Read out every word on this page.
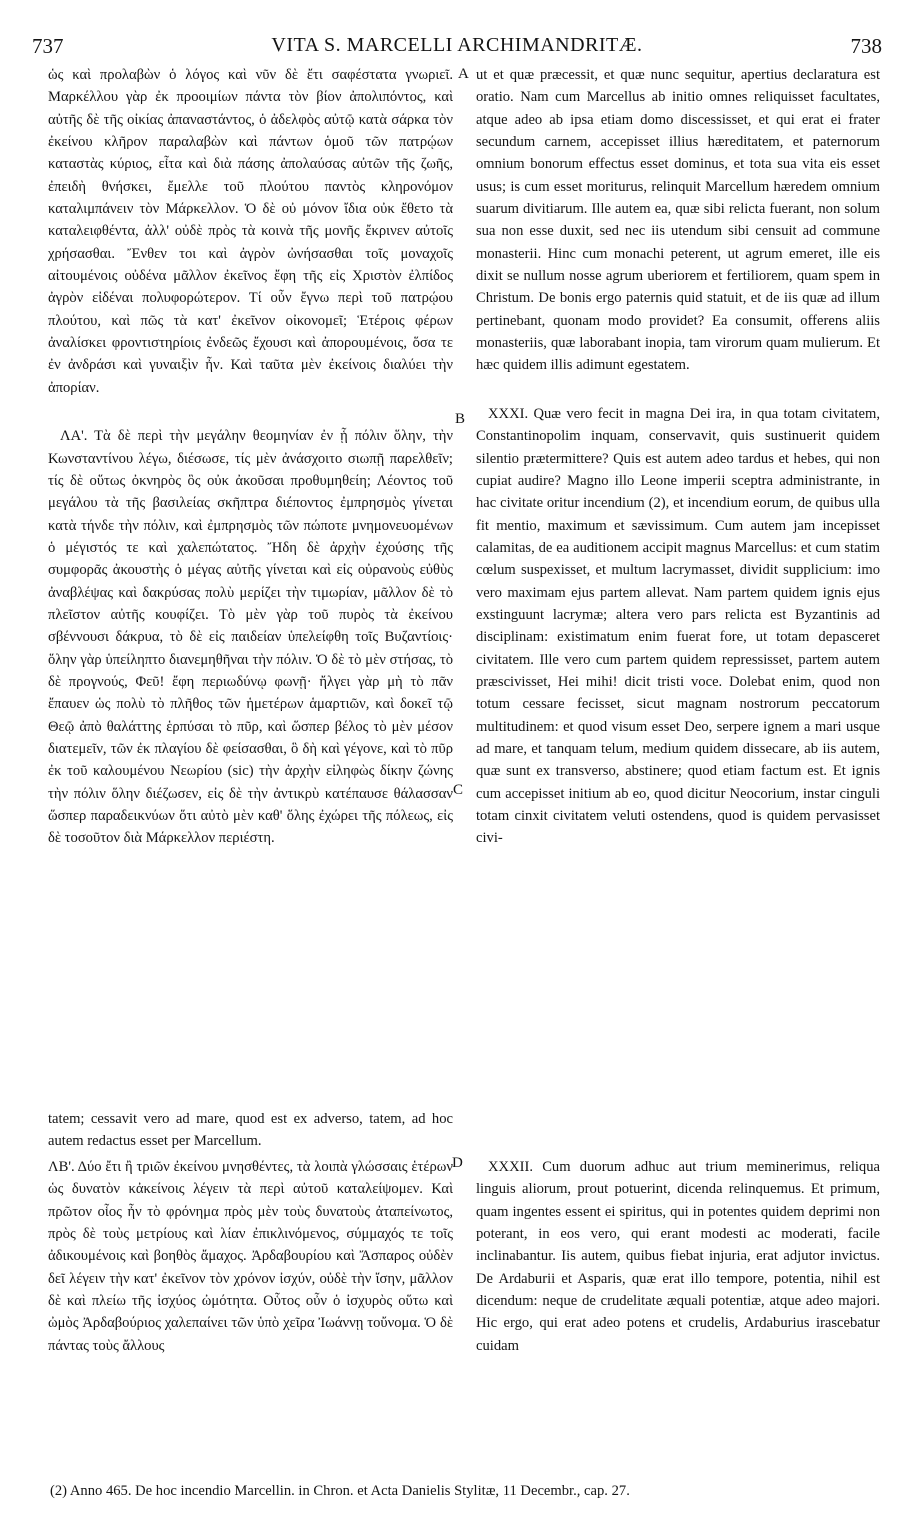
737	VITA S. MARCELLI ARCHIMANDRITÆ.	738

ὡς καὶ προλαβὼν ὁ λόγος καὶ νῦν δὲ ἔτι σαφέστατα γνωριεῖ. Μαρκέλλου γὰρ ἐκ προοιμίων πάντα τὸν βίον ἀπολιπόντος, καὶ αὐτῆς δὲ τῆς οἰκίας ἀπαναστάντος, ὁ ἀδελφὸς αὐτῷ κατὰ σάρκα τὸν ἐκείνου κλῆρον παραλαβὼν καὶ πάντων ὁμοῦ τῶν πατρῴων καταστὰς κύριος, εἶτα καὶ διὰ πάσης ἀπολαύσας αὐτῶν τῆς ζωῆς, ἐπειδὴ θνήσκει, ἔμελλε τοῦ πλούτου παντὸς κληρονόμον καταλιμπάνειν τὸν Μάρκελλον. Ὁ δὲ οὐ μόνον ἴδια οὐκ ἔθετο τὰ καταλειφθέντα, ἀλλ' οὐδὲ πρὸς τὰ κοινὰ τῆς μονῆς ἔκρινεν αὐτοῖς χρήσασθαι. Ἔνθεν τοι καὶ ἀγρὸν ὠνήσασθαι τοῖς μοναχοῖς αἰτουμένοις οὐδένα μᾶλλον ἐκεῖνος ἔφη τῆς εἰς Χριστὸν ἐλπίδος ἀγρὸν εἰδέναι πολυφορώτερον. Τί οὖν ἔγνω περὶ τοῦ πατρῴου πλούτου, καὶ πῶς τὰ κατ' ἐκεῖνον οἰκονομεῖ; Ἑτέροις φέρων ἀναλίσκει φροντιστηρίοις ἐνδεῶς ἔχουσι καὶ ἀπορουμένοις, ὅσα τε ἐν ἀνδράσι καὶ γυναιξὶν ἦν. Καὶ ταῦτα μὲν ἐκείνοις διαλύει τὴν ἀπορίαν.

ΛΑ'. Τὰ δὲ περὶ τὴν μεγάλην θεομηνίαν ἐν ᾗ πόλιν ὅλην, τὴν Κωνσταντίνου λέγω, διέσωσε, τίς μὲν ἀνάσχοιτο σιωπῇ παρελθεῖν; τίς δὲ οὕτως ὀκνηρὸς ὃς οὐκ ἀκοῦσαι προθυμηθείη; Λέοντος τοῦ μεγάλου τὰ τῆς βασιλείας σκῆπτρα διέποντος ἐμπρησμὸς γίνεται κατὰ τήνδε τὴν πόλιν, καὶ ἐμπρησμὸς τῶν πώποτε μνημονευομένων ὁ μέγιστός τε καὶ χαλεπώτατος. Ἤδη δὲ ἀρχὴν ἐχούσης τῆς συμφορᾶς ἀκουστὴς ὁ μέγας αὐτῆς γίνεται καὶ εἰς οὐρανοὺς εὐθὺς ἀναβλέψας καὶ δακρύσας πολὺ μερίζει τὴν τιμωρίαν, μᾶλλον δὲ τὸ πλεῖστον αὐτῆς κουφίζει. Τὸ μὲν γὰρ τοῦ πυρὸς τὰ ἐκείνου σβέννουσι δάκρυα, τὸ δὲ εἰς παιδείαν ὑπελείφθη τοῖς Βυζαντίοις· ὅλην γὰρ ὑπείληπτο διανεμηθῆναι τὴν πόλιν. Ὁ δὲ τὸ μὲν στήσας, τὸ δὲ προγνούς, Φεῦ! ἔφη περιωδύνῳ φωνῇ· ἤλγει γὰρ μὴ τὸ πᾶν ἔπαυεν ὡς πολὺ τὸ πλῆθος τῶν ἡμετέρων ἁμαρτιῶν, καὶ δοκεῖ τῷ Θεῷ ἀπὸ θαλάττης ἑρπύσαι τὸ πῦρ, καὶ ὥσπερ βέλος τὸ μὲν μέσον διατεμεῖν, τῶν ἐκ πλαγίου δὲ φείσασθαι, ὃ δὴ καὶ γέγονε, καὶ τὸ πῦρ ἐκ τοῦ καλουμένου Νεωρίου (sic) τὴν ἀρχὴν εἰληφὼς δίκην ζώνης τὴν πόλιν ὅλην διέζωσεν, εἰς δὲ τὴν ἀντικρὺ κατέπαυσε θάλασσαν ὥσπερ παραδεικνύων ὅτι αὐτὸ μὲν καθ' ὅλης ἐχώρει τῆς πόλεως, εἰς δὲ τοσοῦτον διὰ Μάρκελλον περιέστη.

ut et quæ præcessit, et quæ nunc sequitur, apertius declaratura est oratio. Nam cum Marcellus ab initio omnes reliquisset facultates, atque adeo ab ipsa etiam domo discessisset, et qui erat ei frater secundum carnem, accepisset illius hæreditatem, et paternorum omnium bonorum effectus esset dominus, et tota sua vita eis esset usus; is cum esset moriturus, relinquit Marcellum hæredem omnium suarum divitiarum. Ille autem ea, quæ sibi relicta fuerant, non solum sua non esse duxit, sed nec iis utendum sibi censuit ad commune monasterii. Hinc cum monachi peterent, ut agrum emeret, ille eis dixit se nullum nosse agrum uberiorem et fertiliorem, quam spem in Christum. De bonis ergo paternis quid statuit, et de iis quæ ad illum pertinebant, quonam modo providet? Ea consumit, offerens aliis monasteriis, quæ laborabant inopia, tam virorum quam mulierum. Et hæc quidem illis adimunt egestatem.

XXXI. Quæ vero fecit in magna Dei ira, in qua totam civitatem, Constantinopolim inquam, conservavit, quis sustinuerit quidem silentio prætermittere? Quis est autem adeo tardus et hebes, qui non cupiat audire? Magno illo Leone imperii sceptra administrante, in hac civitate oritur incendium (2), et incendium eorum, de quibus ulla fit mentio, maximum et sævissimum. Cum autem jam incepisset calamitas, de ea auditionem accipit magnus Marcellus: et cum statim cœlum suspexisset, et multum lacrymasset, dividit supplicium: imo vero maximam ejus partem allevat. Nam partem quidem ignis ejus exstinguunt lacrymæ; altera vero pars relicta est Byzantinis ad disciplinam: existimatum enim fuerat fore, ut totam depasceret civitatem. Ille vero cum partem quidem repressisset, partem autem præscivisset, Hei mihi! dicit tristi voce. Dolebat enim, quod non totum cessare fecisset, sicut magnam nostrorum peccatorum multitudinem: et quod visum esset Deo, serpere ignem a mari usque ad mare, et tanquam telum, medium quidem dissecare, ab iis autem, quæ sunt ex transverso, abstinere; quod etiam factum est. Et ignis cum accepisset initium ab eo, quod dicitur Neocorium, instar cinguli totam cinxit civitatem veluti ostendens, quod is quidem pervasisset civi-

tatem; cessavit vero ad mare, quod est ex adverso, tatem, ad hoc autem redactus esset per Marcellum.

ΛΒ'. Δύο ἔτι ἢ τριῶν ἐκείνου μνησθέντες, τὰ λοιπὰ γλώσσαις ἑτέρων ὡς δυνατὸν κἀκείνοις λέγειν τὰ περὶ αὐτοῦ καταλείψομεν. Καὶ πρῶτον οἷος ἦν τὸ φρόνημα πρὸς μὲν τοὺς δυνατοὺς ἀταπείνωτος, πρὸς δὲ τοὺς μετρίους καὶ λίαν ἐπικλινόμενος, σύμμαχός τε τοῖς ἀδικουμένοις καὶ βοηθὸς ἄμαχος. Ἀρδαβουρίου καὶ Ἄσπαρος οὐδὲν δεῖ λέγειν τὴν κατ' ἐκεῖνον τὸν χρόνον ἰσχύν, οὐδὲ τὴν ἴσην, μᾶλλον δὲ καὶ πλείω τῆς ἰσχύος ὠμότητα. Οὗτος οὖν ὁ ἰσχυρὸς οὕτω καὶ ὠμὸς Ἀρδαβούριος χαλεπαίνει τῶν ὑπὸ χεῖρα Ἰωάννῃ τοὔνομα. Ὁ δὲ πάντας τοὺς ἄλλους

XXXII. Cum duorum adhuc aut trium meminerimus, reliqua linguis aliorum, prout potuerint, dicenda relinquemus. Et primum, quam ingentes essent ei spiritus, qui in potentes quidem deprimi non poterant, in eos vero, qui erant modesti ac moderati, facile inclinabantur. Iis autem, quibus fiebat injuria, erat adjutor invictus. De Ardaburii et Asparis, quæ erat illo tempore, potentia, nihil est dicendum: neque de crudelitate æquali potentiæ, atque adeo majori. Hic ergo, qui erat adeo potens et crudelis, Ardaburius irascebatur cuidam

A
B
C
D
(2) Anno 465. De hoc incendio Marcellin. in Chron. et Acta Danielis Stylitæ, 11 Decembr., cap. 27.
